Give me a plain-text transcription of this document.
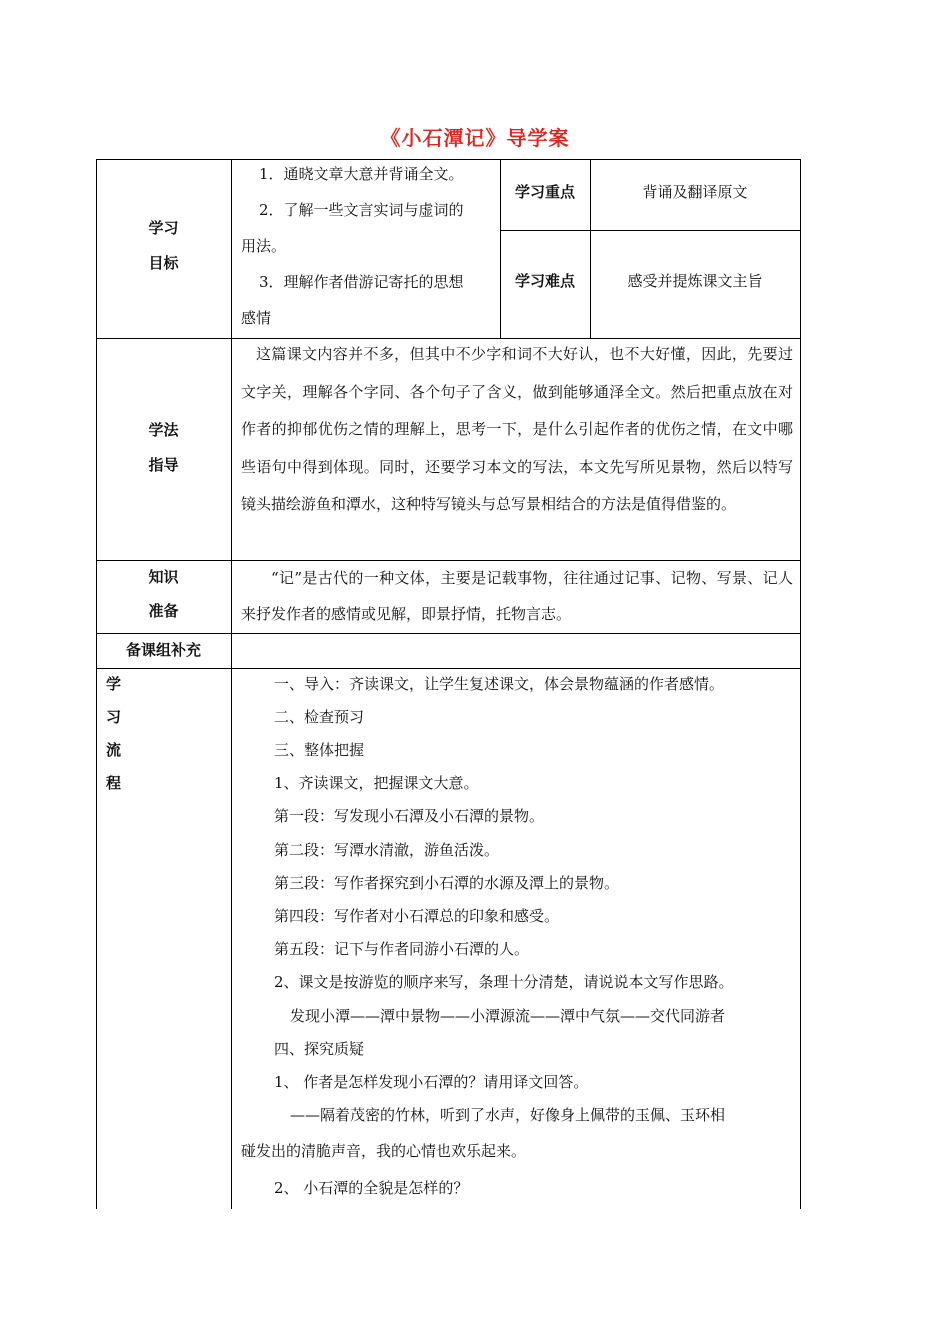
《小石潭记》导学案
学习
目标
1．通晓文章大意并背诵全文。
2．了解一些文言实词与虚词的
用法。
3．理解作者借游记寄托的思想
感情
学习重点	背诵及翻译原文
学习难点	感受并提炼课文主旨
学法
指导
这篇课文内容并不多，但其中不少字和词不大好认，也不大好懂，因此，先要过文字关，理解各个字同、各个句子了含义，做到能够通泽全文。然后把重点放在对作者的抑郁优伤之情的理解上，思考一下，是什么引起作者的优伤之情，在文中哪些语句中得到体现。同时，还要学习本文的写法，本文先写所见景物，然后以特写镜头描绘游鱼和潭水，这种特写镜头与总写景相结合的方法是值得借鉴的。
知识
准备
“记”是古代的一种文体，主要是记载事物，往往通过记事、记物、写景、记人来抒发作者的感情或见解，即景抒情，托物言志。
备课组补充
学
习
流
程
一、导入：齐读课文，让学生复述课文，体会景物蕴涵的作者感情。
二、检查预习
三、整体把握
1、齐读课文，把握课文大意。
第一段：写发现小石潭及小石潭的景物。
第二段：写潭水清澈，游鱼活泼。
第三段：写作者探究到小石潭的水源及潭上的景物。
第四段：写作者对小石潭总的印象和感受。
第五段：记下与作者同游小石潭的人。
2、课文是按游览的顺序来写，条理十分清楚，请说说本文写作思路。
发现小潭——潭中景物——小潭源流——潭中气氛——交代同游者
四、探究质疑
1、 作者是怎样发现小石潭的？请用译文回答。
——隔着茂密的竹林，听到了水声，好像身上佩带的玉佩、玉环相
碰发出的清脆声音，我的心情也欢乐起来。
2、 小石潭的全貌是怎样的？
